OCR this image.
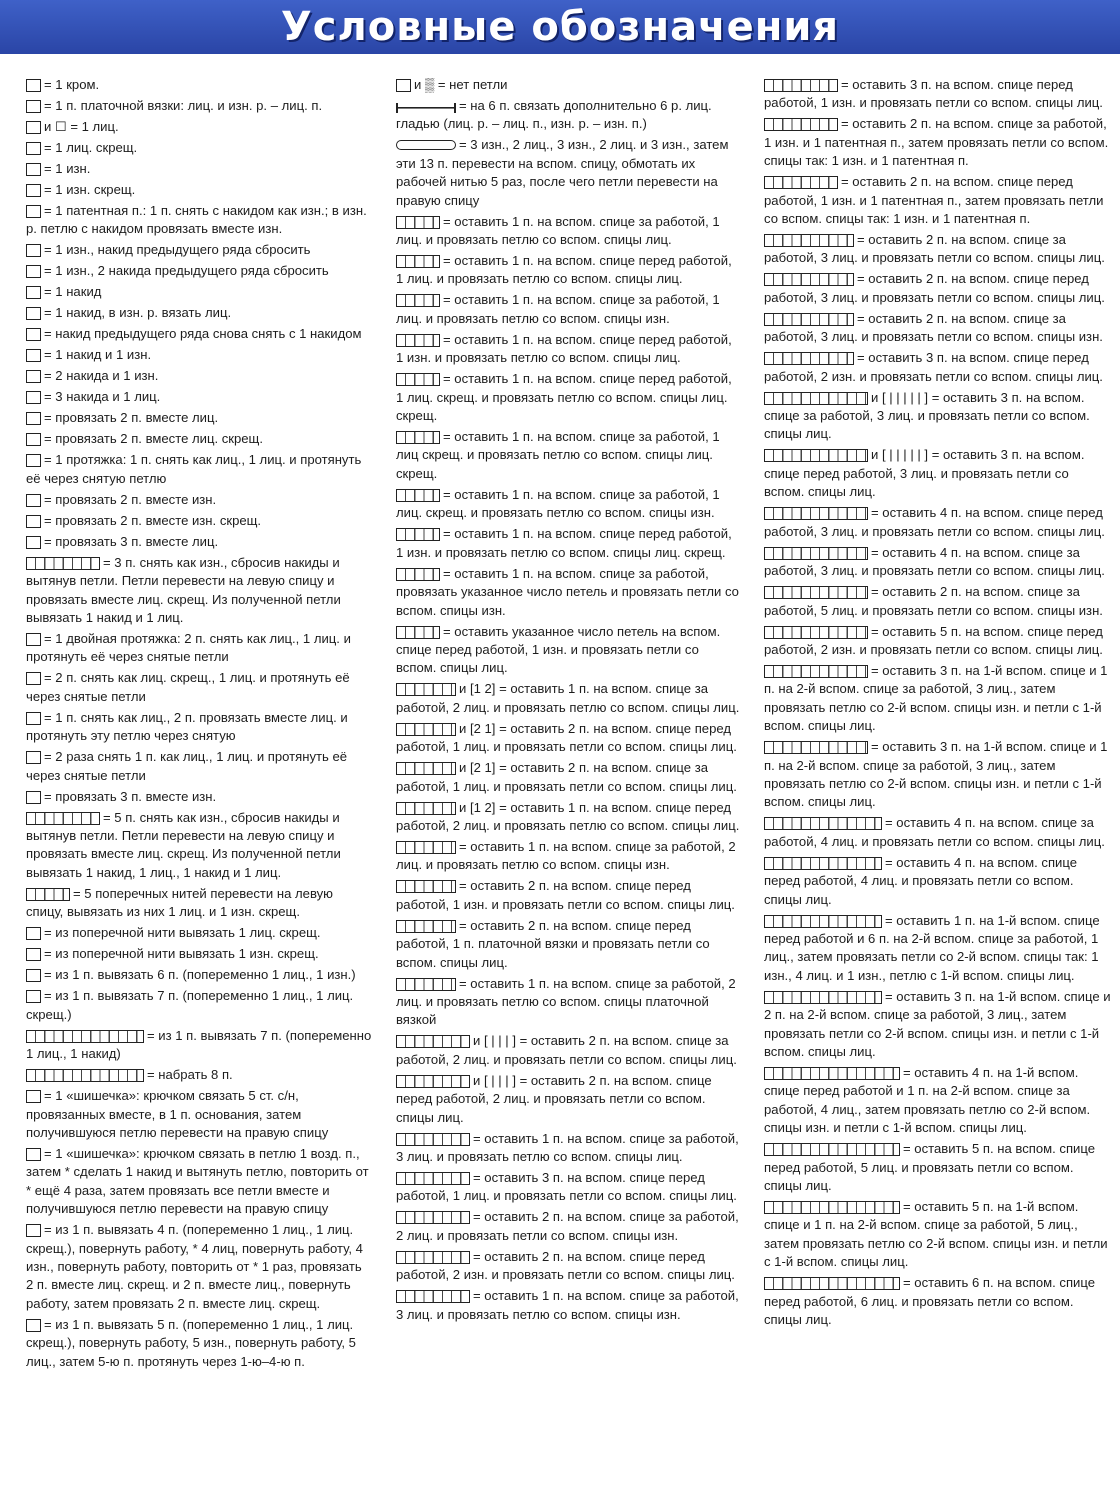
Условные обозначения

= 1 кром.

= 1 п. платочной вязки: лиц. и изн. р. – лиц. п.

и ☐ = 1 лиц.

= 1 лиц. скрещ.

= 1 изн.

= 1 изн. скрещ.

= 1 патентная п.: 1 п. снять с накидом как изн.; в изн. р. петлю с накидом провязать вместе изн.

= 1 изн., накид предыдущего ряда сбросить

= 1 изн., 2 накида предыдущего ряда сбросить

= 1 накид

= 1 накид, в изн. р. вязать лиц.

= накид предыдущего ряда снова снять с 1 накидом

= 1 накид и 1 изн.

= 2 накида и 1 изн.

= 3 накида и 1 лиц.

= провязать 2 п. вместе лиц.

= провязать 2 п. вместе лиц. скрещ.

= 1 протяжка: 1 п. снять как лиц., 1 лиц. и протянуть её через снятую петлю

= провязать 2 п. вместе изн.

= провязать 2 п. вместе изн. скрещ.

= провязать 3 п. вместе лиц.

= 3 п. снять как изн., сбросив накиды и вытянув петли. Петли перевести на левую спицу и провязать вместе лиц. скрещ. Из полученной петли вывязать 1 накид и 1 лиц.

= 1 двойная протяжка: 2 п. снять как лиц., 1 лиц. и протянуть её через снятые петли

= 2 п. снять как лиц. скрещ., 1 лиц. и протянуть её через снятые петли

= 1 п. снять как лиц., 2 п. провязать вместе лиц. и протянуть эту петлю через снятую

= 2 раза снять 1 п. как лиц., 1 лиц. и протянуть её через снятые петли

= провязать 3 п. вместе изн.

= 5 п. снять как изн., сбросив накиды и вытянув петли. Петли перевести на левую спицу и провязать вместе лиц. скрещ. Из полученной петли вывязать 1 накид, 1 лиц., 1 накид и 1 лиц.

= 5 поперечных нитей перевести на левую спицу, вывязать из них 1 лиц. и 1 изн. скрещ.

= из поперечной нити вывязать 1 лиц. скрещ.

= из поперечной нити вывязать 1 изн. скрещ.

= из 1 п. вывязать 6 п. (попеременно 1 лиц., 1 изн.)

= из 1 п. вывязать 7 п. (попеременно 1 лиц., 1 лиц. скрещ.)

= из 1 п. вывязать 7 п. (попеременно 1 лиц., 1 накид)

= набрать 8 п.

= 1 «шишечка»: крючком связать 5 ст. с/н, провязанных вместе, в 1 п. основания, затем получившуюся петлю перевести на правую спицу

= 1 «шишечка»: крючком связать в петлю 1 возд. п., затем * сделать 1 накид и вытянуть петлю, повторить от * ещё 4 раза, затем провязать все петли вместе и получившуюся петлю перевести на правую спицу

= из 1 п. вывязать 4 п. (попеременно 1 лиц., 1 лиц. скрещ.), повернуть работу, * 4 лиц, повернуть работу, 4 изн., повернуть работу, повторить от * 1 раз, провязать 2 п. вместе лиц. скрещ. и 2 п. вместе лиц., повернуть работу, затем провязать 2 п. вместе лиц. скрещ.

= из 1 п. вывязать 5 п. (попеременно 1 лиц., 1 лиц. скрещ.), повернуть работу, 5 изн., повернуть работу, 5 лиц., затем 5-ю п. протянуть через 1-ю–4-ю п.

и ▒ = нет петли

= на 6 п. связать дополнительно 6 р. лиц. гладью (лиц. р. – лиц. п., изн. р. – изн. п.)

= 3 изн., 2 лиц., 3 изн., 2 лиц. и 3 изн., затем эти 13 п. перевести на вспом. спицу, обмотать их рабочей нитью 5 раз, после чего петли перевести на правую спицу

= оставить 1 п. на вспом. спице за работой, 1 лиц. и провязать петлю со вспом. спицы лиц.

= оставить 1 п. на вспом. спице перед работой, 1 лиц. и провязать петлю со вспом. спицы лиц.

= оставить 1 п. на вспом. спице за работой, 1 лиц. и провязать петлю со вспом. спицы изн.

= оставить 1 п. на вспом. спице перед работой, 1 изн. и провязать петлю со вспом. спицы лиц.

= оставить 1 п. на вспом. спице перед работой, 1 лиц. скрещ. и провязать петлю со вспом. спицы лиц. скрещ.

= оставить 1 п. на вспом. спице за работой, 1 лиц скрещ. и провязать петлю со вспом. спицы лиц. скрещ.

= оставить 1 п. на вспом. спице за работой, 1 лиц. скрещ. и провязать петлю со вспом. спицы изн.

= оставить 1 п. на вспом. спице перед работой, 1 изн. и провязать петлю со вспом. спицы лиц. скрещ.

= оставить 1 п. на вспом. спице за работой, провязать указанное число петель и провязать петли со вспом. спицы изн.

= оставить указанное число петель на вспом. спице перед работой, 1 изн. и провязать петли со вспом. спицы лиц.

и [1 2] = оставить 1 п. на вспом. спице за работой, 2 лиц. и провязать петлю со вспом. спицы лиц.

и [2 1] = оставить 2 п. на вспом. спице перед работой, 1 лиц. и провязать петли со вспом. спицы лиц.

и [2 1] = оставить 2 п. на вспом. спице за работой, 1 лиц. и провязать петли со вспом. спицы лиц.

и [1 2] = оставить 1 п. на вспом. спице перед работой, 2 лиц. и провязать петлю со вспом. спицы лиц.

= оставить 1 п. на вспом. спице за работой, 2 лиц. и провязать петлю со вспом. спицы изн.

= оставить 2 п. на вспом. спице перед работой, 1 изн. и провязать петли со вспом. спицы лиц.

= оставить 2 п. на вспом. спице перед работой, 1 п. платочной вязки и провязать петли со вспом. спицы лиц.

= оставить 1 п. на вспом. спице за работой, 2 лиц. и провязать петлю со вспом. спицы платочной вязкой

и [ | | | ] = оставить 2 п. на вспом. спице за работой, 2 лиц. и провязать петли со вспом. спицы лиц.

и [ | | | ] = оставить 2 п. на вспом. спице перед работой, 2 лиц. и провязать петли со вспом. спицы лиц.

= оставить 1 п. на вспом. спице за работой, 3 лиц. и провязать петлю со вспом. спицы лиц.

= оставить 3 п. на вспом. спице перед работой, 1 лиц. и провязать петли со вспом. спицы лиц.

= оставить 2 п. на вспом. спице за работой, 2 лиц. и провязать петли со вспом. спицы изн.

= оставить 2 п. на вспом. спице перед работой, 2 изн. и провязать петли со вспом. спицы лиц.

= оставить 1 п. на вспом. спице за работой, 3 лиц. и провязать петлю со вспом. спицы изн.

= оставить 3 п. на вспом. спице перед работой, 1 изн. и провязать петли со вспом. спицы лиц.

= оставить 2 п. на вспом. спице за работой, 1 изн. и 1 патентная п., затем провязать петли со вспом. спицы так: 1 изн. и 1 патентная п.

= оставить 2 п. на вспом. спице перед работой, 1 изн. и 1 патентная п., затем провязать петли со вспом. спицы так: 1 изн. и 1 патентная п.

= оставить 2 п. на вспом. спице за работой, 3 лиц. и провязать петли со вспом. спицы лиц.

= оставить 2 п. на вспом. спице перед работой, 3 лиц. и провязать петли со вспом. спицы лиц.

= оставить 2 п. на вспом. спице за работой, 3 лиц. и провязать петли со вспом. спицы изн.

= оставить 3 п. на вспом. спице перед работой, 2 изн. и провязать петли со вспом. спицы лиц.

и [ | | | | | ] = оставить 3 п. на вспом. спице за работой, 3 лиц. и провязать петли со вспом. спицы лиц.

и [ | | | | | ] = оставить 3 п. на вспом. спице перед работой, 3 лиц. и провязать петли со вспом. спицы лиц.

= оставить 4 п. на вспом. спице перед работой, 3 лиц. и провязать петли со вспом. спицы лиц.

= оставить 4 п. на вспом. спице за работой, 3 лиц. и провязать петли со вспом. спицы лиц.

= оставить 2 п. на вспом. спице за работой, 5 лиц. и провязать петли со вспом. спицы изн.

= оставить 5 п. на вспом. спице перед работой, 2 изн. и провязать петли со вспом. спицы лиц.

= оставить 3 п. на 1-й вспом. спице и 1 п. на 2-й вспом. спице за работой, 3 лиц., затем провязать петлю со 2-й вспом. спицы изн. и петли с 1-й вспом. спицы лиц.

= оставить 3 п. на 1-й вспом. спице и 1 п. на 2-й вспом. спице за работой, 3 лиц., затем провязать петлю со 2-й вспом. спицы изн. и петли с 1-й вспом. спицы лиц.

= оставить 4 п. на вспом. спице за работой, 4 лиц. и провязать петли со вспом. спицы лиц.

= оставить 4 п. на вспом. спице перед работой, 4 лиц. и провязать петли со вспом. спицы лиц.

= оставить 1 п. на 1-й вспом. спице перед работой и 6 п. на 2-й вспом. спице за работой, 1 лиц., затем провязать петли со 2-й вспом. спицы так: 1 изн., 4 лиц. и 1 изн., петлю с 1-й вспом. спицы лиц.

= оставить 3 п. на 1-й вспом. спице и 2 п. на 2-й вспом. спице за работой, 3 лиц., затем провязать петли со 2-й вспом. спицы изн. и петли с 1-й вспом. спицы лиц.

= оставить 4 п. на 1-й вспом. спице перед работой и 1 п. на 2-й вспом. спице за работой, 4 лиц., затем провязать петлю со 2-й вспом. спицы изн. и петли с 1-й вспом. спицы лиц.

= оставить 5 п. на вспом. спице перед работой, 5 лиц. и провязать петли со вспом. спицы лиц.

= оставить 5 п. на 1-й вспом. спице и 1 п. на 2-й вспом. спице за работой, 5 лиц., затем провязать петлю со 2-й вспом. спицы изн. и петли с 1-й вспом. спицы лиц.

= оставить 6 п. на вспом. спице перед работой, 6 лиц. и провязать петли со вспом. спицы лиц.
